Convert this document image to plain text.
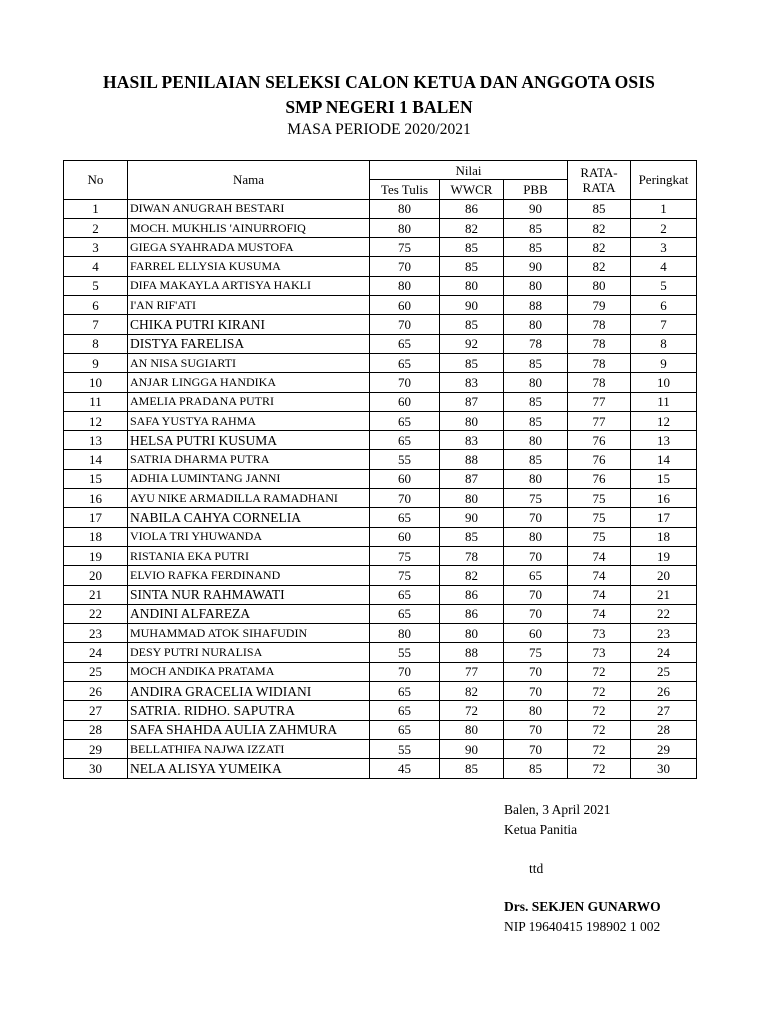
HASIL PENILAIAN SELEKSI CALON KETUA DAN ANGGOTA OSIS
SMP NEGERI 1 BALEN
MASA PERIODE 2020/2021
No	Nama	Nilai			RATA-RATA	Peringkat
		Tes Tulis	WWCR	PBB		
1	DIWAN ANUGRAH BESTARI	80	86	90	85	1
2	MOCH. MUKHLIS 'AINURROFIQ	80	82	85	82	2
3	GIEGA SYAHRADA MUSTOFA	75	85	85	82	3
4	FARREL ELLYSIA KUSUMA	70	85	90	82	4
5	DIFA MAKAYLA ARTISYA HAKLI	80	80	80	80	5
6	I'AN RIF'ATI	60	90	88	79	6
7	CHIKA PUTRI KIRANI	70	85	80	78	7
8	DISTYA FARELISA	65	92	78	78	8
9	AN NISA SUGIARTI	65	85	85	78	9
10	ANJAR LINGGA HANDIKA	70	83	80	78	10
11	AMELIA PRADANA PUTRI	60	87	85	77	11
12	SAFA YUSTYA RAHMA	65	80	85	77	12
13	HELSA PUTRI KUSUMA	65	83	80	76	13
14	SATRIA DHARMA PUTRA	55	88	85	76	14
15	ADHIA LUMINTANG JANNI	60	87	80	76	15
16	AYU NIKE ARMADILLA RAMADHANI	70	80	75	75	16
17	NABILA CAHYA CORNELIA	65	90	70	75	17
18	VIOLA TRI YHUWANDA	60	85	80	75	18
19	RISTANIA EKA PUTRI	75	78	70	74	19
20	ELVIO RAFKA FERDINAND	75	82	65	74	20
21	SINTA NUR RAHMAWATI	65	86	70	74	21
22	ANDINI ALFAREZA	65	86	70	74	22
23	MUHAMMAD ATOK SIHAFUDIN	80	80	60	73	23
24	DESY PUTRI NURALISA	55	88	75	73	24
25	MOCH ANDIKA PRATAMA	70	77	70	72	25
26	ANDIRA GRACELIA WIDIANI	65	82	70	72	26
27	SATRIA. RIDHO. SAPUTRA	65	72	80	72	27
28	SAFA SHAHDA AULIA ZAHMURA	65	80	70	72	28
29	BELLATHIFA NAJWA IZZATI	55	90	70	72	29
30	NELA ALISYA YUMEIKA	45	85	85	72	30
Balen, 3 April 2021
Ketua Panitia
ttd
Drs. SEKJEN GUNARWO
NIP 19640415 198902 1 002
